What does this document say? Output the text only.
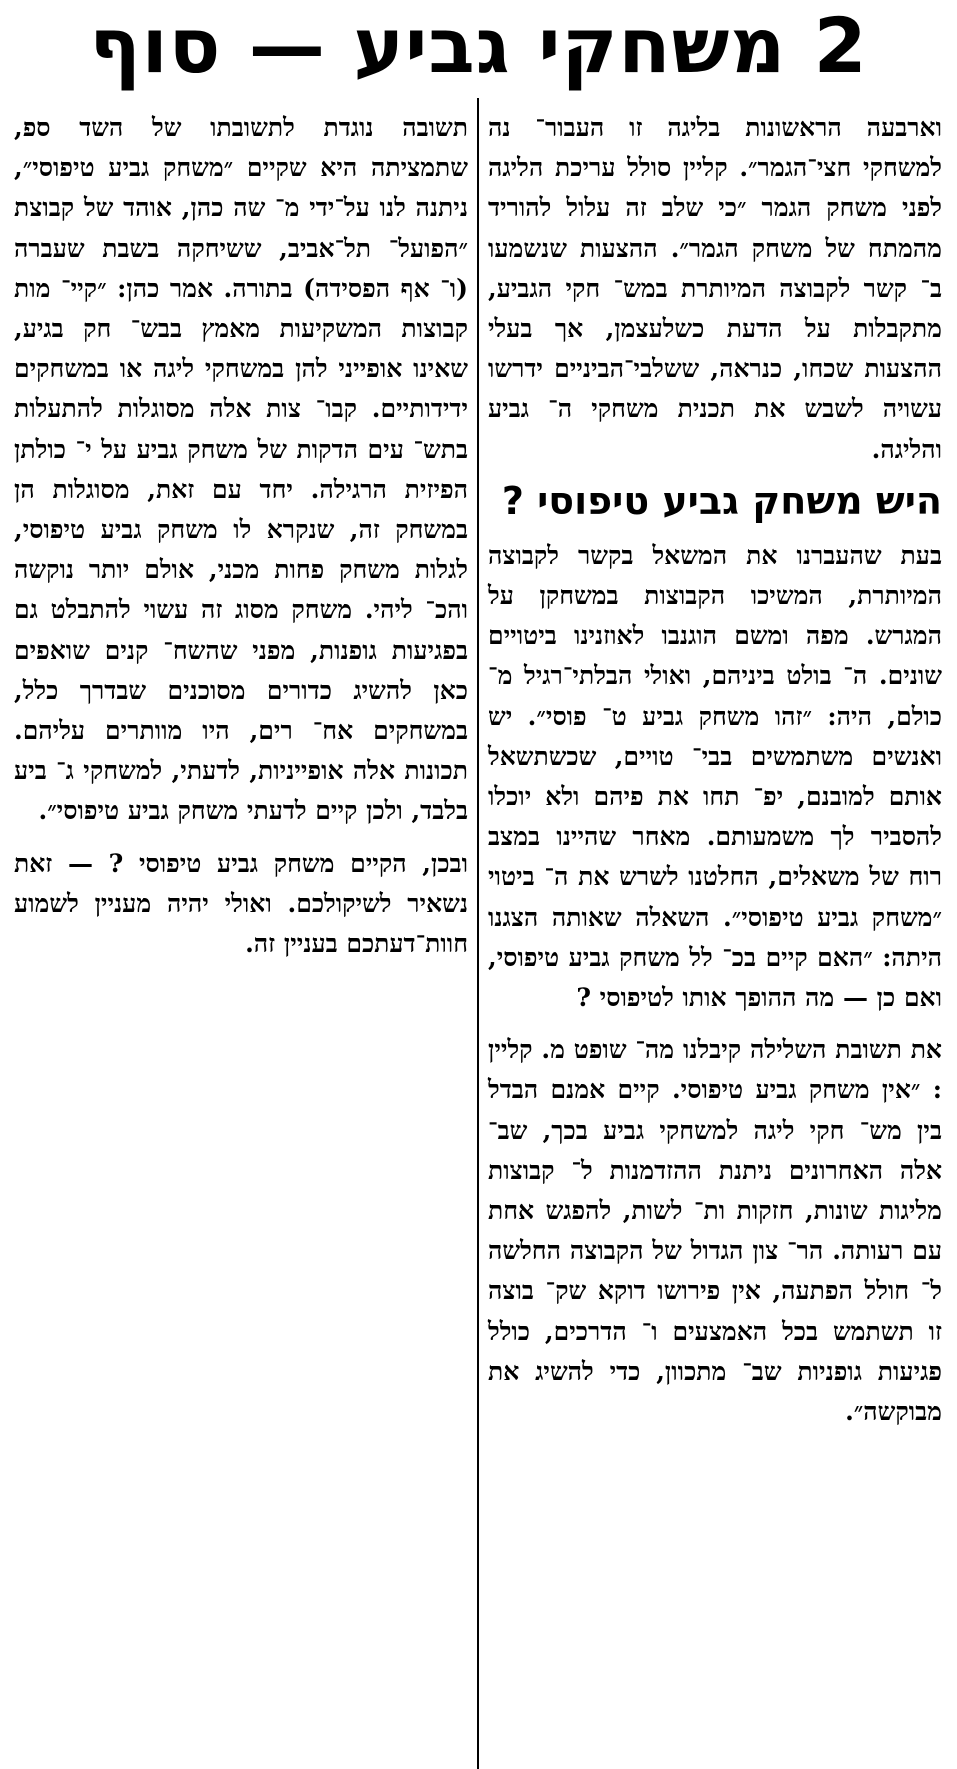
2 משחקי גביע — סוף

וארבעה הראשונות בליגה זו העבור־ נה למשחקי חצי־הגמר״. קליין סולל עריכת הליגה לפני משחק הגמר ״כי שלב זה עלול להוריד מהמתח של משחק הגמר״. ההצעות שנשמעו ב־ קשר לקבוצה המיותרת במש־ חקי הגביע, מתקבלות על הדעת כשלעצמן, אך בעלי ההצעות שכחו, כנראה, ששלבי־הביניים ידרשו עשויה לשבש את תכנית משחקי ה־ גביע והליגה.

היש משחק גביע טיפוסי ?

בעת שהעברנו את המשאל בקשר לקבוצה המיותרת, המשיכו הקבוצות במשחקן על המגרש. מפה ומשם הוגנבו לאוזנינו ביטויים שונים. ה־ בולט ביניהם, ואולי הבלתי־רגיל מ־ כולם, היה: ״זהו משחק גביע ט־ פוסי״. יש ואנשים משתמשים בבי־ טויים, שכשתשאל אותם למובנם, יפ־ תחו את פיהם ולא יוכלו להסביר לך משמעותם. מאחר שהיינו במצב רוח של משאלים, החלטנו לשרש את ה־ ביטוי ״משחק גביע טיפוסי״. השאלה שאותה הצגנו היתה: ״האם קיים בכ־ לל משחק גביע טיפוסי, ואם כן — מה ההופך אותו לטיפוסי ?

את תשובת השלילה קיבלנו מה־ שופט מ. קליין : ״אין משחק גביע טיפוסי. קיים אמנם הבדל בין מש־ חקי ליגה למשחקי גביע בכך, שב־ אלה האחרונים ניתנת ההזדמנות ל־ קבוצות מליגות שונות, חזקות ות־ לשות, להפגש אחת עם רעותה. הר־ צון הגדול של הקבוצה החלשה ל־ חולל הפתעה, אין פירושו דוקא שק־ בוצה זו תשתמש בכל האמצעים ו־ הדרכים, כולל פגיעות גופניות שב־ מתכוון, כדי להשיג את מבוקשה״.

תשובה נוגדת לתשובתו של השד ספ, שתמציתה היא שקיים ״משחק גביע טיפוסי״, ניתנה לנו על־ידי מ־ שה כהן, אוהד של קבוצת ״הפועל־ תל־אביב, ששיחקה בשבת שעברה (ו־ אף הפסידה) בתורה. אמר כהן: ״קיי־ מות קבוצות המשקיעות מאמץ בבש־ חק בגיע, שאינו אופייני להן במשחקי ליגה או במשחקים ידידותיים. קבו־ צות אלה מסוגלות להתעלות בתש־ עים הדקות של משחק גביע על י־ כולתן הפיזית הרגילה. יחד עם זאת, מסוגלות הן במשחק זה, שנקרא לו משחק גביע טיפוסי, לגלות משחק פחות מכני, אולם יותר נוקשה והכ־ ליהי. משחק מסוג זה עשוי להתבלט גם בפגיעות גופנות, מפני שהשח־ קנים שואפים כאן להשיג כדורים מסוכנים שבדרך כלל, במשחקים אח־ רים, היו מוותרים עליהם. תכונות אלה אופייניות, לדעתי, למשחקי ג־ ביע בלבד, ולכן קיים לדעתי משחק גביע טיפוסי״.

ובכן, הקיים משחק גביע טיפוסי ? — זאת נשאיר לשיקולכם. ואולי יהיה מעניין לשמוע חוות־דעתכם בעניין זה.
